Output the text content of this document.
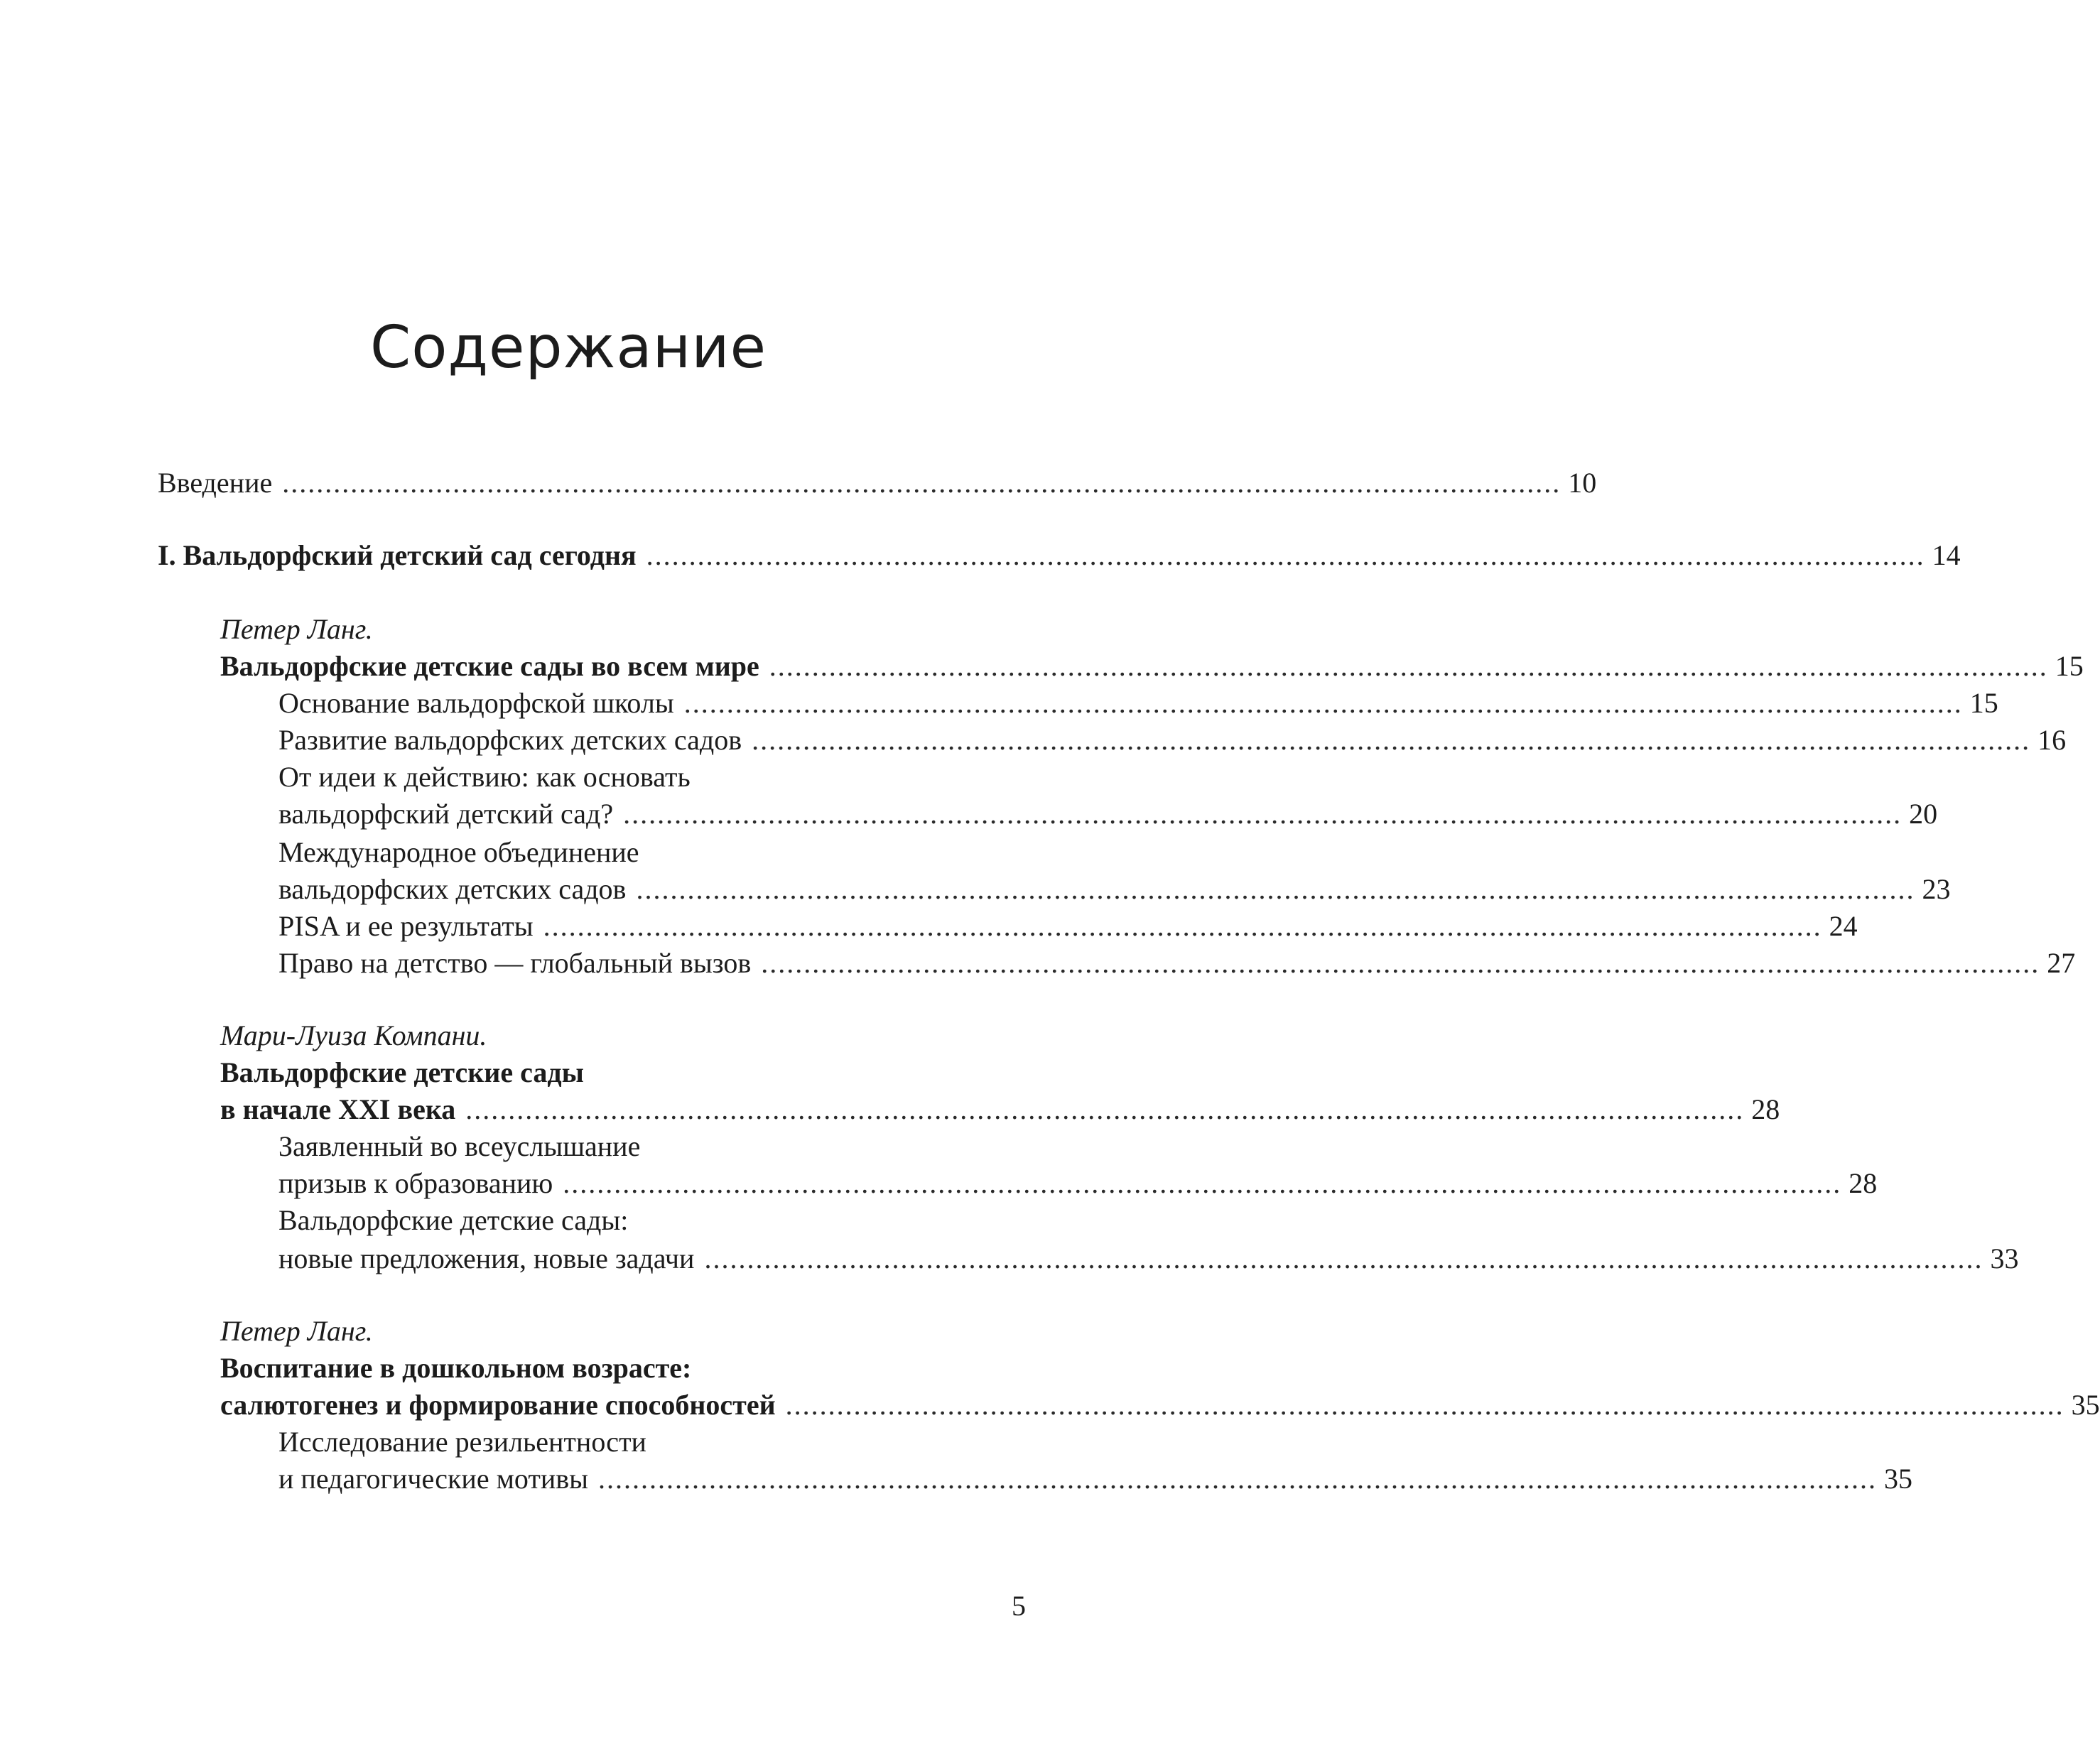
Содержание
Введение ...................................................................................................................................................... 10
I. Вальдорфский детский сад сегодня ...................................................................................................................................................... 14
Петер Ланг.
Вальдорфские детские сады во всем мире ...................................................................................................................................................... 15
Основание вальдорфской школы ...................................................................................................................................................... 15
Развитие вальдорфских детских садов ...................................................................................................................................................... 16
От идеи к действию: как основать
вальдорфский детский сад? ...................................................................................................................................................... 20
Международное объединение
вальдорфских детских садов ...................................................................................................................................................... 23
PISA и ее результаты ...................................................................................................................................................... 24
Право на детство — глобальный вызов ...................................................................................................................................................... 27
Мари-Луиза Компани.
Вальдорфские детские сады
в начале XXI века ...................................................................................................................................................... 28
Заявленный во всеуслышание
призыв к образованию ...................................................................................................................................................... 28
Вальдорфские детские сады:
новые предложения, новые задачи ...................................................................................................................................................... 33
Петер Ланг.
Воспитание в дошкольном возрасте:
салютогенез и формирование способностей ...................................................................................................................................................... 35
Исследование резильентности
и педагогические мотивы ...................................................................................................................................................... 35
5
